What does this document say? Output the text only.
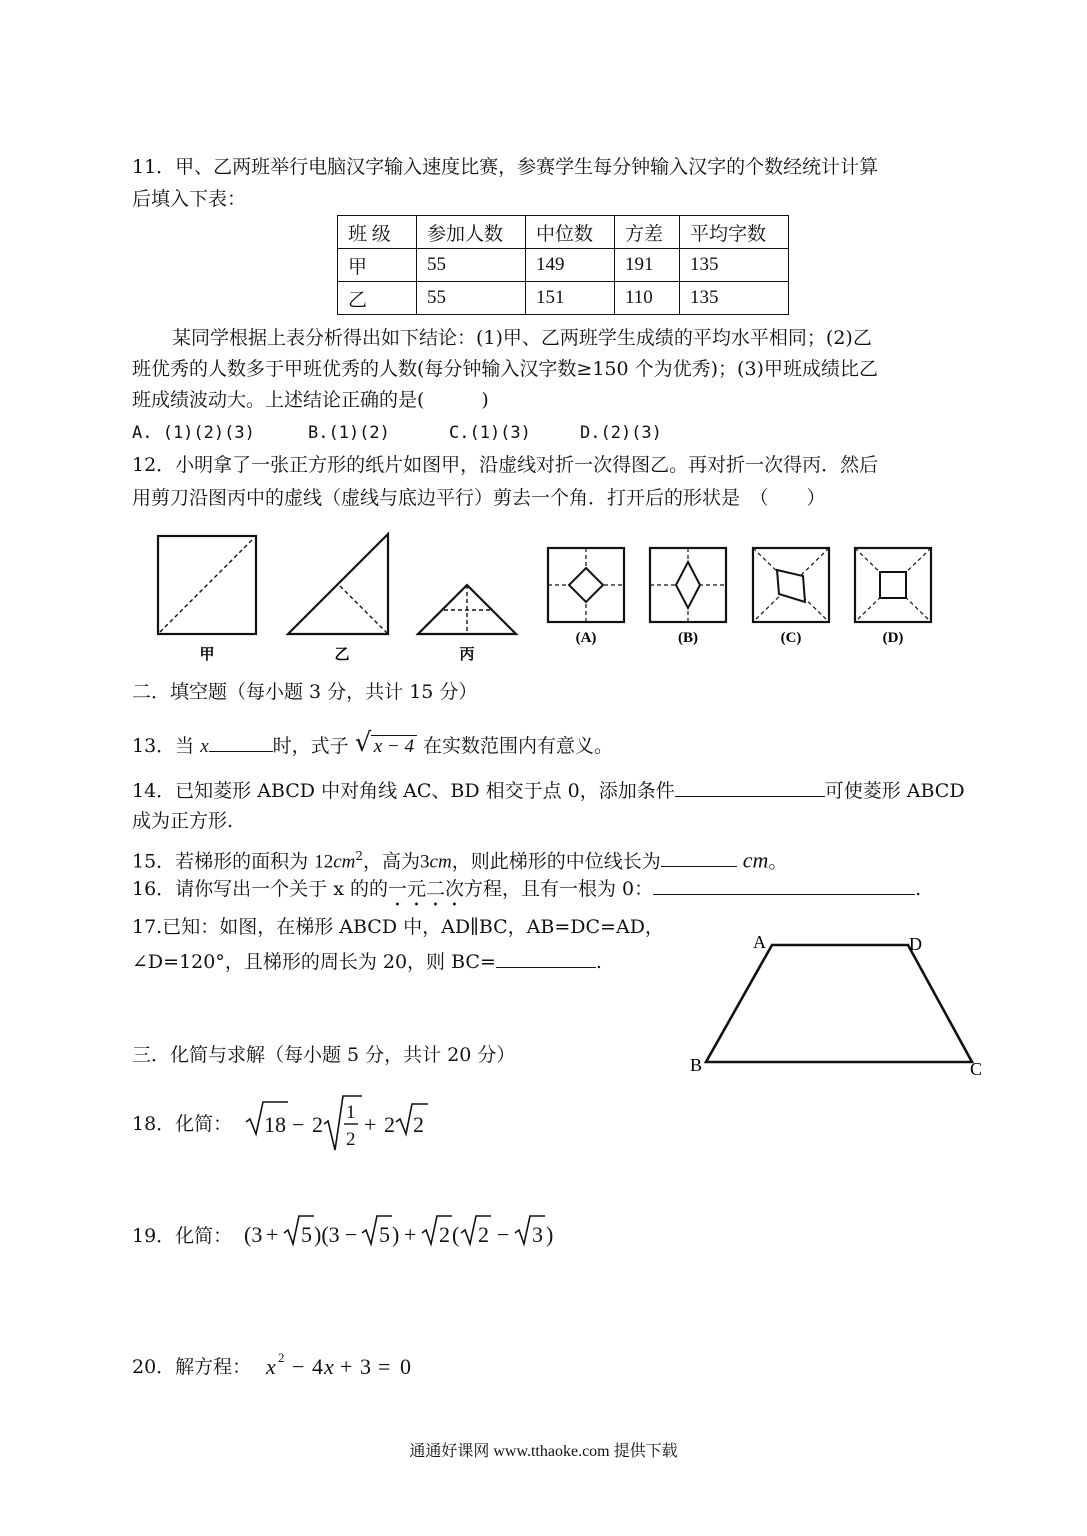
11．甲、乙两班举行电脑汉字输入速度比赛，参赛学生每分钟输入汉字的个数经统计计算
后填入下表：
班 级	参加人数	中位数	方差	平均字数
甲	55	149	191	135
乙	55	151	110	135
某同学根据上表分析得出如下结论：(1)甲、乙两班学生成绩的平均水平相同；(2)乙
班优秀的人数多于甲班优秀的人数(每分钟输入汉字数≥150 个为优秀)；(3)甲班成绩比乙
班成绩波动大。上述结论正确的是(　　　)
A. (1)(2)(3)	B.(1)(2)	C.(1)(3)	D.(2)(3)
12．小明拿了一张正方形的纸片如图甲，沿虚线对折一次得图乙。再对折一次得丙．然后
用剪刀沿图丙中的虚线（虚线与底边平行）剪去一个角．打开后的形状是　（　　）
甲	乙	丙
(A)	(B)	(C)	(D)
二．填空题（每小题 3 分，共计 15 分）
13．当 x	时，式子 √ x − 4 在实数范围内有意义。
14．已知菱形 ABCD 中对角线 AC、BD 相交于点 0，添加条件	可使菱形 ABCD
成为正方形.
15．若梯形的面积为 $12cm^2$，高为3cm，则此梯形的中位线长为	cm。
16．请你写出一个关于 x 的的一元二次方程，且有一根为 0：	.
17.已知：如图，在梯形 ABCD 中，AD∥BC，AB=DC=AD，
∠D=120°，且梯形的周长为 20，则 BC=	.
A	D
B	C
三．化简与求解（每小题 5 分，共计 20 分）
18．化简： 18 − 2 1
2
+ 2 2
19．化简： (3 + 5 )(3 − 5 ) + 2 ( 2 − 3 )
20．解方程： x 2 − 4 x + 3 = 0
通通好课网 www.tthaoke.com 提供下载
